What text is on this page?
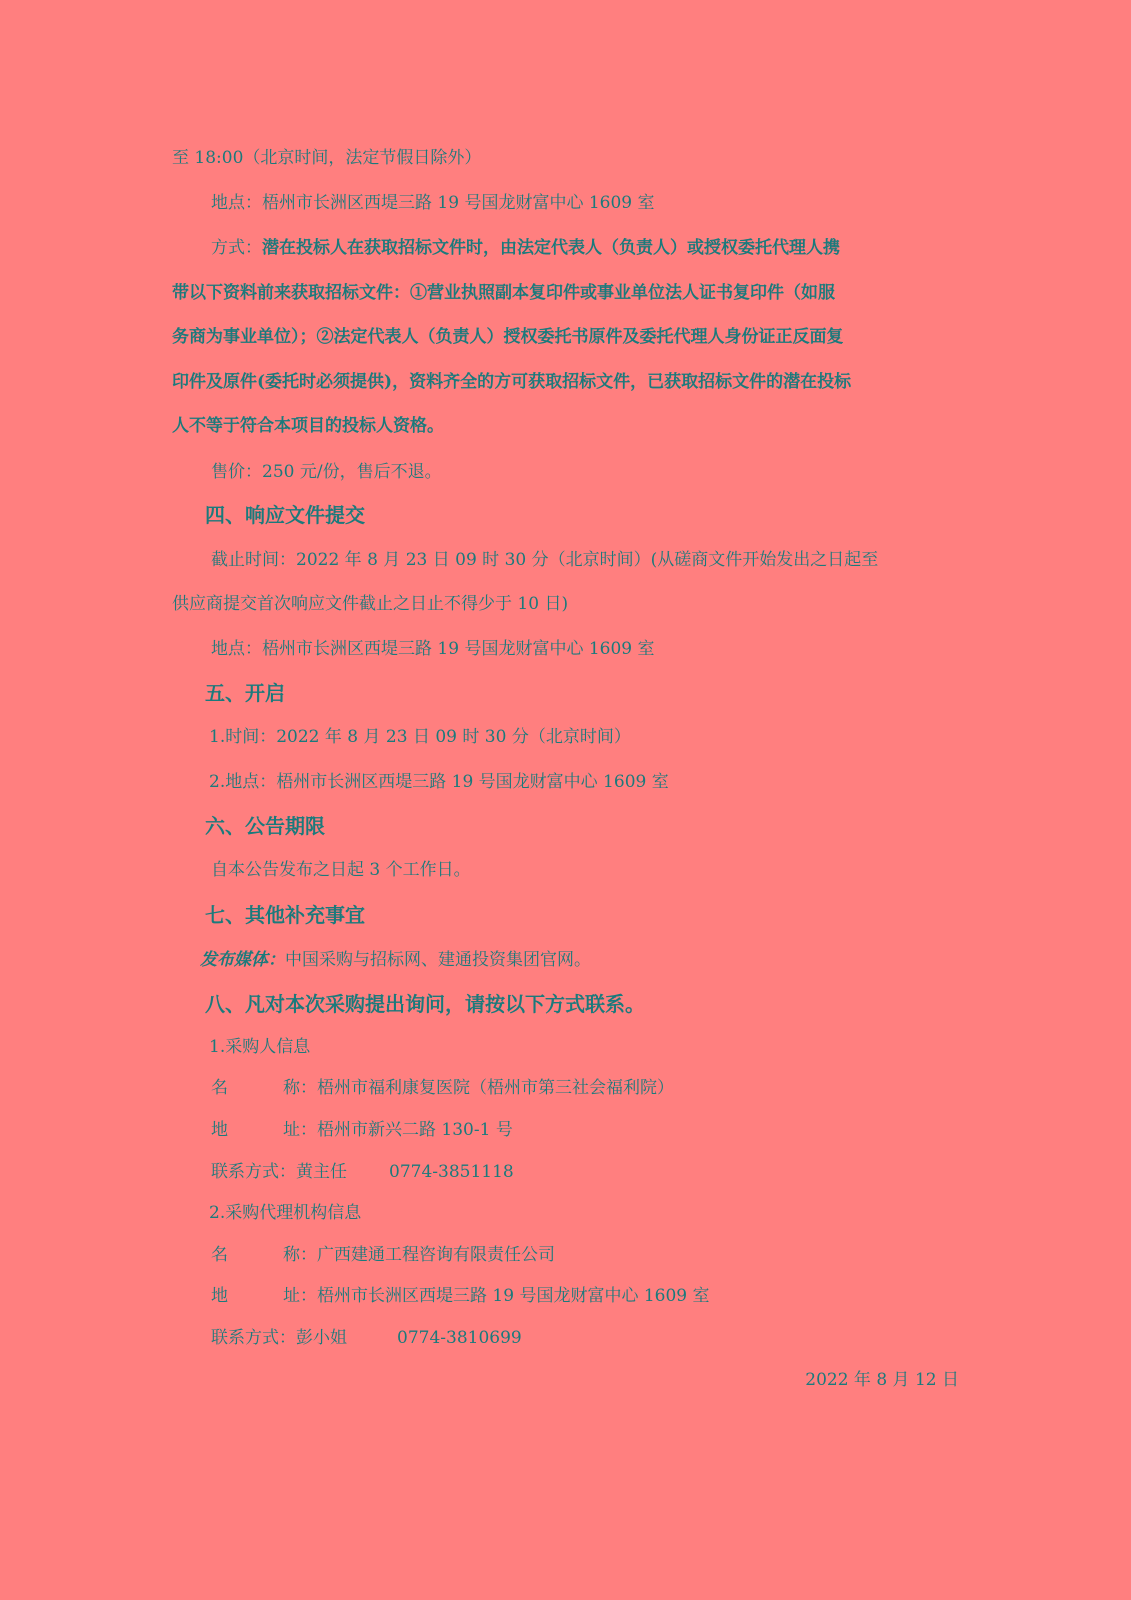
至 18:00（北京时间，法定节假日除外）
地点：梧州市长洲区西堤三路 19 号国龙财富中心 1609 室
方式：潜在投标人在获取招标文件时，由法定代表人（负责人）或授权委托代理人携
带以下资料前来获取招标文件：①营业执照副本复印件或事业单位法人证书复印件（如服
务商为事业单位）；②法定代表人（负责人）授权委托书原件及委托代理人身份证正反面复
印件及原件(委托时必须提供)，资料齐全的方可获取招标文件，已获取招标文件的潜在投标
人不等于符合本项目的投标人资格。
售价：250 元/份，售后不退。
四、响应文件提交
截止时间：2022 年 8 月 23 日 09 时 30 分（北京时间）(从磋商文件开始发出之日起至
供应商提交首次响应文件截止之日止不得少于 10 日)
地点：梧州市长洲区西堤三路 19 号国龙财富中心 1609 室
五、开启
1.时间：2022 年 8 月 23 日 09 时 30 分（北京时间）
2.地点：梧州市长洲区西堤三路 19 号国龙财富中心 1609 室
六、公告期限
自本公告发布之日起 3 个工作日。
七、其他补充事宜
发布媒体：中国采购与招标网、建通投资集团官网。
八、凡对本次采购提出询问，请按以下方式联系。
1.采购人信息
名	称：梧州市福利康复医院（梧州市第三社会福利院）
地	址：梧州市新兴二路 130-1 号
联系方式：黄主任 0774-3851118
2.采购代理机构信息
名	称：广西建通工程咨询有限责任公司
地	址：梧州市长洲区西堤三路 19 号国龙财富中心 1609 室
联系方式：彭小姐	0774-3810699
2022 年 8 月 12 日
